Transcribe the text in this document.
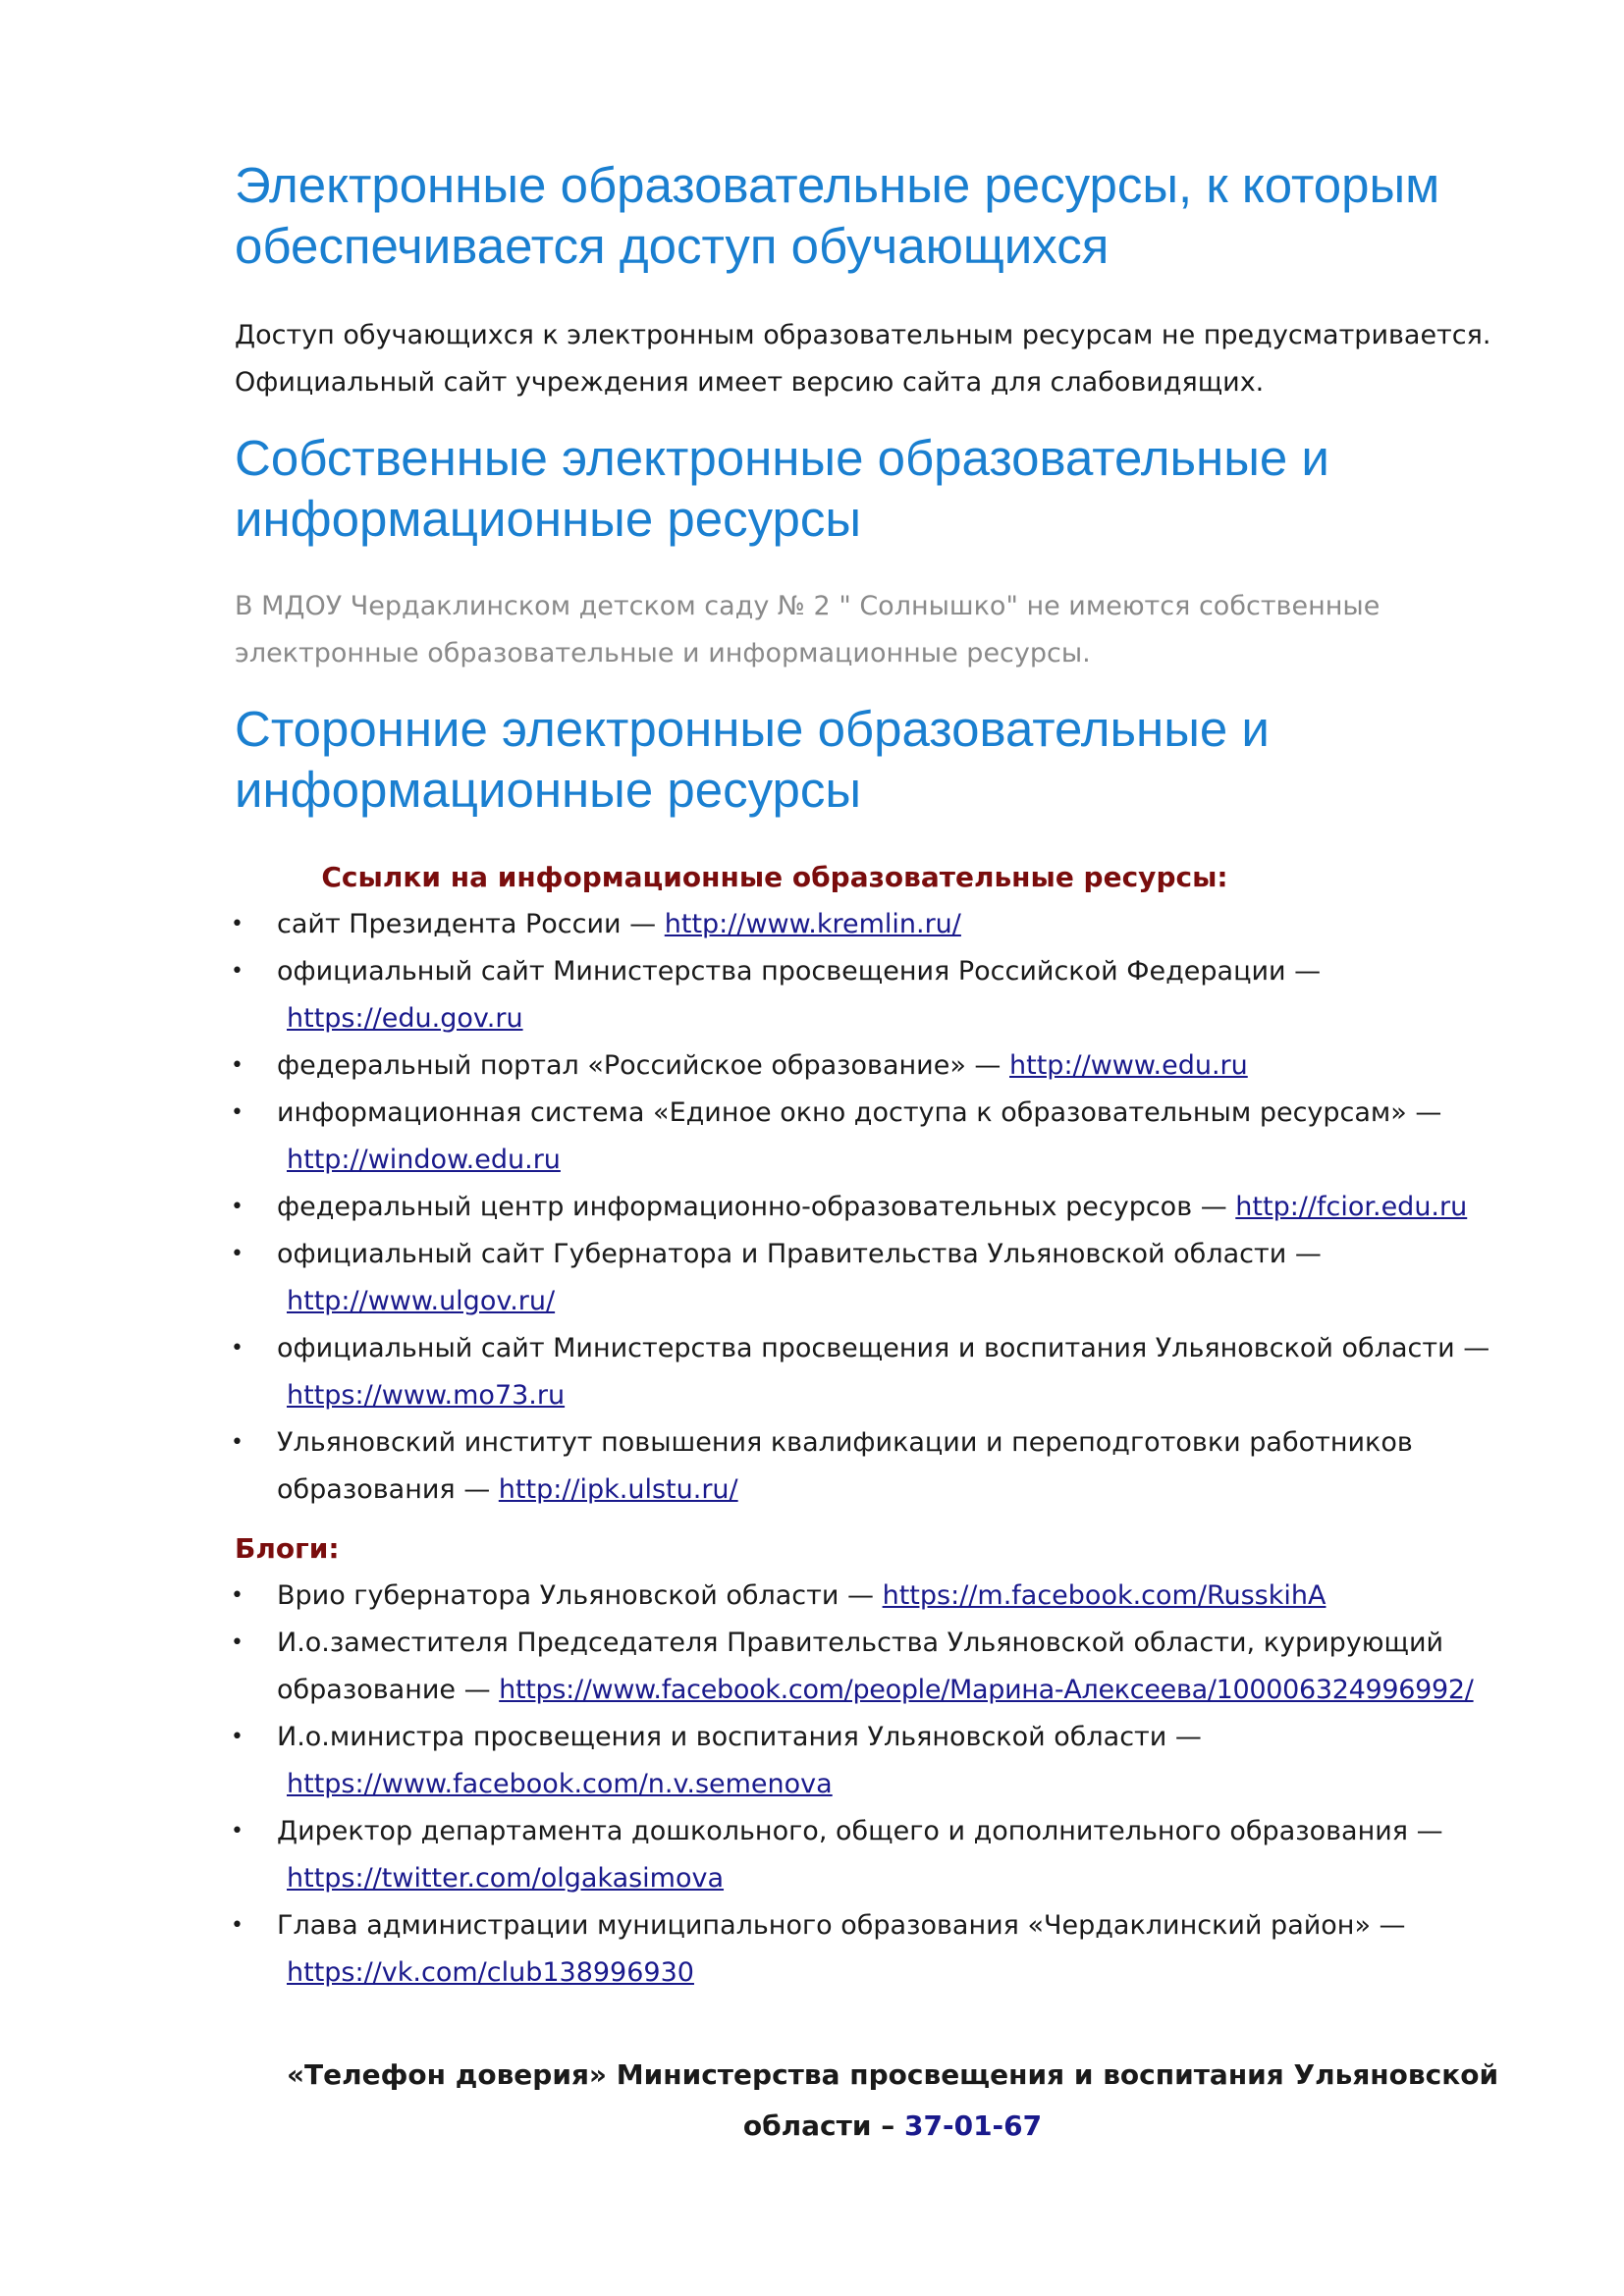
Электронные образовательные ресурсы, к которым обеспечивается доступ обучающихся
Доступ обучающихся к электронным образовательным ресурсам не предусматривается. Официальный сайт учреждения имеет версию сайта для слабовидящих.
Собственные электронные образовательные и информационные ресурсы
В МДОУ Чердаклинском детском саду № 2 " Солнышко" не имеются собственные электронные образовательные и информационные ресурсы.
Сторонние электронные образовательные и информационные ресурсы
Ссылки на информационные образовательные ресурсы:
• сайт Президента России — http://www.kremlin.ru/
• официальный сайт Министерства просвещения Российской Федерации —
https://edu.gov.ru
• федеральный портал «Российское образование» — http://www.edu.ru
• информационная система «Единое окно доступа к образовательным ресурсам» —
http://window.edu.ru
• федеральный центр информационно-образовательных ресурсов — http://fcior.edu.ru
• официальный сайт Губернатора и Правительства Ульяновской области —
http://www.ulgov.ru/
• официальный сайт Министерства просвещения и воспитания Ульяновской области —
https://www.mo73.ru
• Ульяновский институт повышения квалификации и переподготовки работников образования — http://ipk.ulstu.ru/
Блоги:
• Врио губернатора Ульяновской области — https://m.facebook.com/RusskihA
• И.о.заместителя Председателя Правительства Ульяновской области, курирующий образование — https://www.facebook.com/people/Марина-Алексеева/100006324996992/
• И.о.министра просвещения и воспитания Ульяновской области —
https://www.facebook.com/n.v.semenova
• Директор департамента дошкольного, общего и дополнительного образования —
https://twitter.com/olgakasimova
• Глава администрации муниципального образования «Чердаклинский район» —
https://vk.com/club138996930
«Телефон доверия» Министерства просвещения и воспитания Ульяновской области – 37-01-67
